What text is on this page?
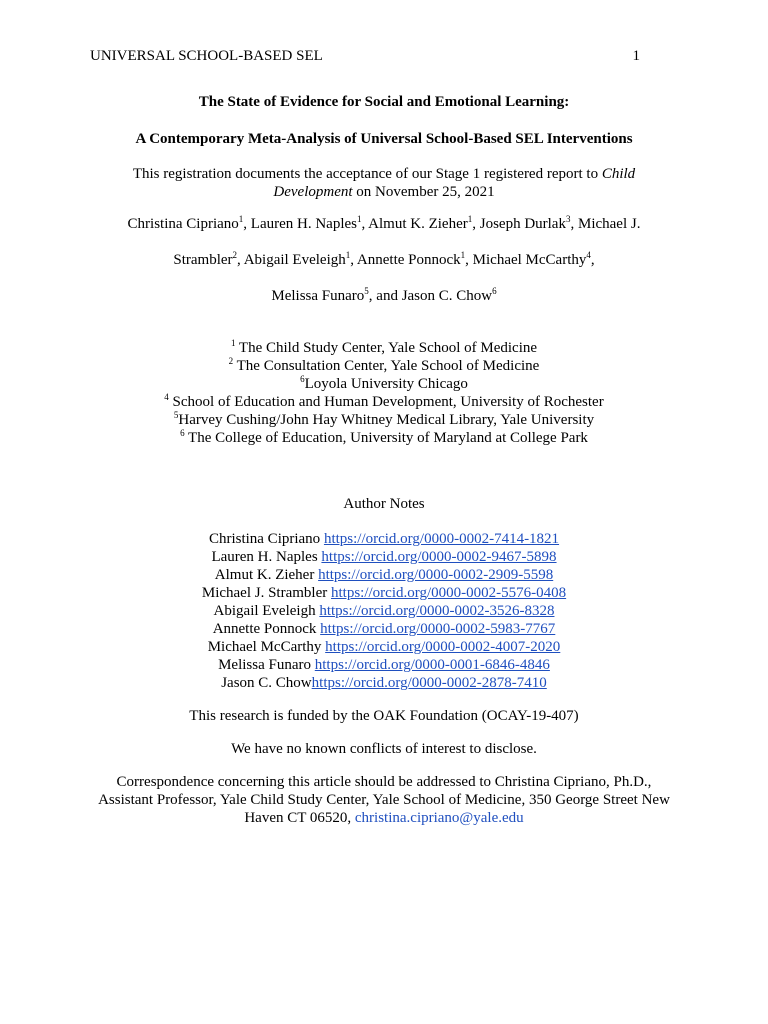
UNIVERSAL SCHOOL-BASED SEL	1
The State of Evidence for Social and Emotional Learning:
A Contemporary Meta-Analysis of Universal School-Based SEL Interventions
This registration documents the acceptance of our Stage 1 registered report to Child
Development on November 25, 2021
Christina Cipriano$^1$, Lauren H. Naples$^1$, Almut K. Zieher$^1$, Joseph Durlak$^3$, Michael J.
Strambler$^2$, Abigail Eveleigh$^1$, Annette Ponnock$^1$, Michael McCarthy$^4$,
Melissa Funaro$^5$, and Jason C. Chow$^6$
$^1$ The Child Study Center, Yale School of Medicine
$^2$ The Consultation Center, Yale School of Medicine
$^6$Loyola University Chicago
$^4$ School of Education and Human Development, University of Rochester
$^5$Harvey Cushing/John Hay Whitney Medical Library, Yale University
$^6$ The College of Education, University of Maryland at College Park
Author Notes
Christina Cipriano https://orcid.org/0000-0002-7414-1821
Lauren H. Naples https://orcid.org/0000-0002-9467-5898
Almut K. Zieher https://orcid.org/0000-0002-2909-5598
Michael J. Strambler https://orcid.org/0000-0002-5576-0408
Abigail Eveleigh https://orcid.org/0000-0002-3526-8328
Annette Ponnock https://orcid.org/0000-0002-5983-7767
Michael McCarthy https://orcid.org/0000-0002-4007-2020
Melissa Funaro https://orcid.org/0000-0001-6846-4846
Jason C. Chowhttps://orcid.org/0000-0002-2878-7410
This research is funded by the OAK Foundation (OCAY-19-407)
We have no known conflicts of interest to disclose.
Correspondence concerning this article should be addressed to Christina Cipriano, Ph.D.,
Assistant Professor, Yale Child Study Center, Yale School of Medicine, 350 George Street New
Haven CT 06520, christina.cipriano@yale.edu
